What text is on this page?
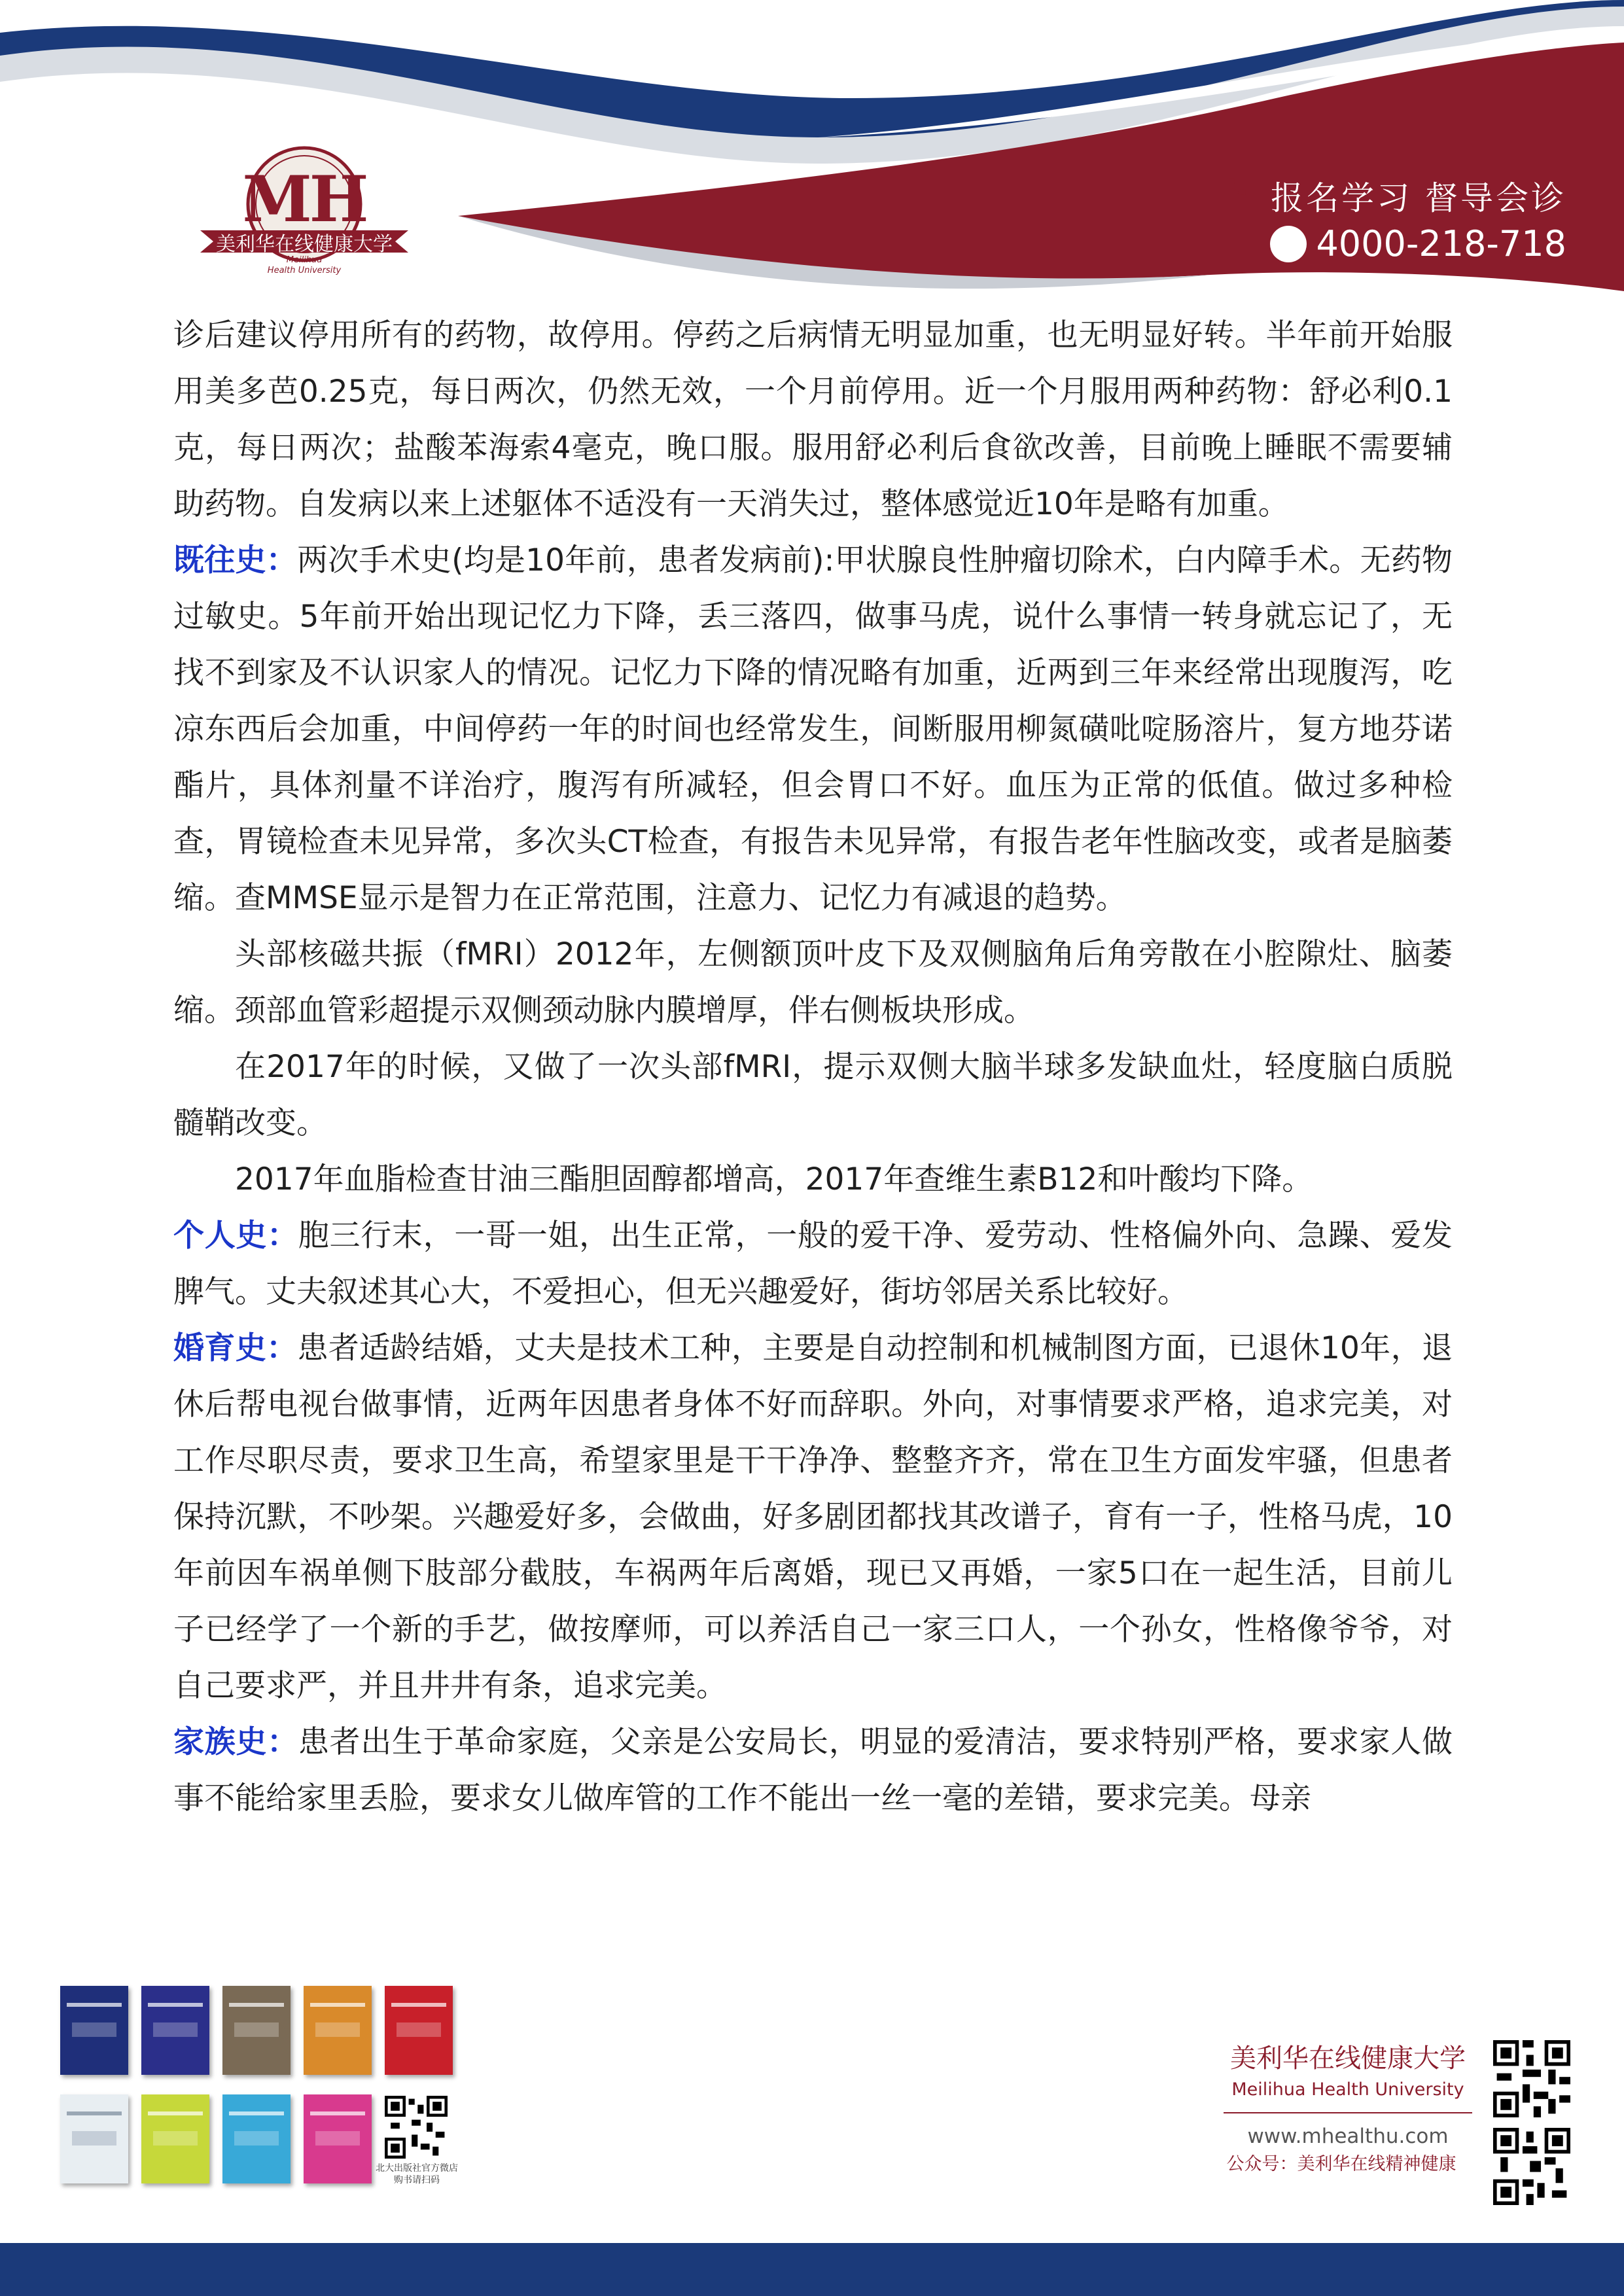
MH
美利华在线健康大学
Meilihua
Health University
报名学习 督导会诊
4000-218-718

诊后建议停用所有的药物，故停用。停药之后病情无明显加重，也无明显好转。半年前开始服用美多芭0.25克，每日两次，仍然无效，一个月前停用。近一个月服用两种药物：舒必利0.1克，每日两次；盐酸苯海索4毫克，晚口服。服用舒必利后食欲改善，目前晚上睡眠不需要辅助药物。自发病以来上述躯体不适没有一天消失过，整体感觉近10年是略有加重。

既往史：两次手术史(均是10年前，患者发病前):甲状腺良性肿瘤切除术，白内障手术。无药物过敏史。5年前开始出现记忆力下降，丢三落四，做事马虎，说什么事情一转身就忘记了，无找不到家及不认识家人的情况。记忆力下降的情况略有加重，近两到三年来经常出现腹泻，吃凉东西后会加重，中间停药一年的时间也经常发生，间断服用柳氮磺吡啶肠溶片，复方地芬诺酯片，具体剂量不详治疗，腹泻有所减轻，但会胃口不好。血压为正常的低值。做过多种检查，胃镜检查未见异常，多次头CT检查，有报告未见异常，有报告老年性脑改变，或者是脑萎缩。查MMSE显示是智力在正常范围，注意力、记忆力有减退的趋势。

头部核磁共振（fMRI）2012年，左侧额顶叶皮下及双侧脑角后角旁散在小腔隙灶、脑萎缩。颈部血管彩超提示双侧颈动脉内膜增厚，伴右侧板块形成。

在2017年的时候，又做了一次头部fMRI，提示双侧大脑半球多发缺血灶，轻度脑白质脱髓鞘改变。

2017年血脂检查甘油三酯胆固醇都增高，2017年查维生素B12和叶酸均下降。

个人史：胞三行末，一哥一姐，出生正常，一般的爱干净、爱劳动、性格偏外向、急躁、爱发脾气。丈夫叙述其心大，不爱担心，但无兴趣爱好，街坊邻居关系比较好。

婚育史：患者适龄结婚，丈夫是技术工种，主要是自动控制和机械制图方面，已退休10年，退休后帮电视台做事情，近两年因患者身体不好而辞职。外向，对事情要求严格，追求完美，对工作尽职尽责，要求卫生高，希望家里是干干净净、整整齐齐，常在卫生方面发牢骚，但患者保持沉默，不吵架。兴趣爱好多，会做曲，好多剧团都找其改谱子，育有一子，性格马虎，10年前因车祸单侧下肢部分截肢，车祸两年后离婚，现已又再婚，一家5口在一起生活，目前儿子已经学了一个新的手艺，做按摩师，可以养活自己一家三口人，一个孙女，性格像爷爷，对自己要求严，并且井井有条，追求完美。

家族史：患者出生于革命家庭，父亲是公安局长，明显的爱清洁，要求特别严格，要求家人做事不能给家里丢脸，要求女儿做库管的工作不能出一丝一毫的差错，要求完美。母亲

北大出版社官方微店
购书请扫码
美利华在线健康大学
Meilihua Health University
www.mhealthu.com
公众号：美利华在线精神健康
